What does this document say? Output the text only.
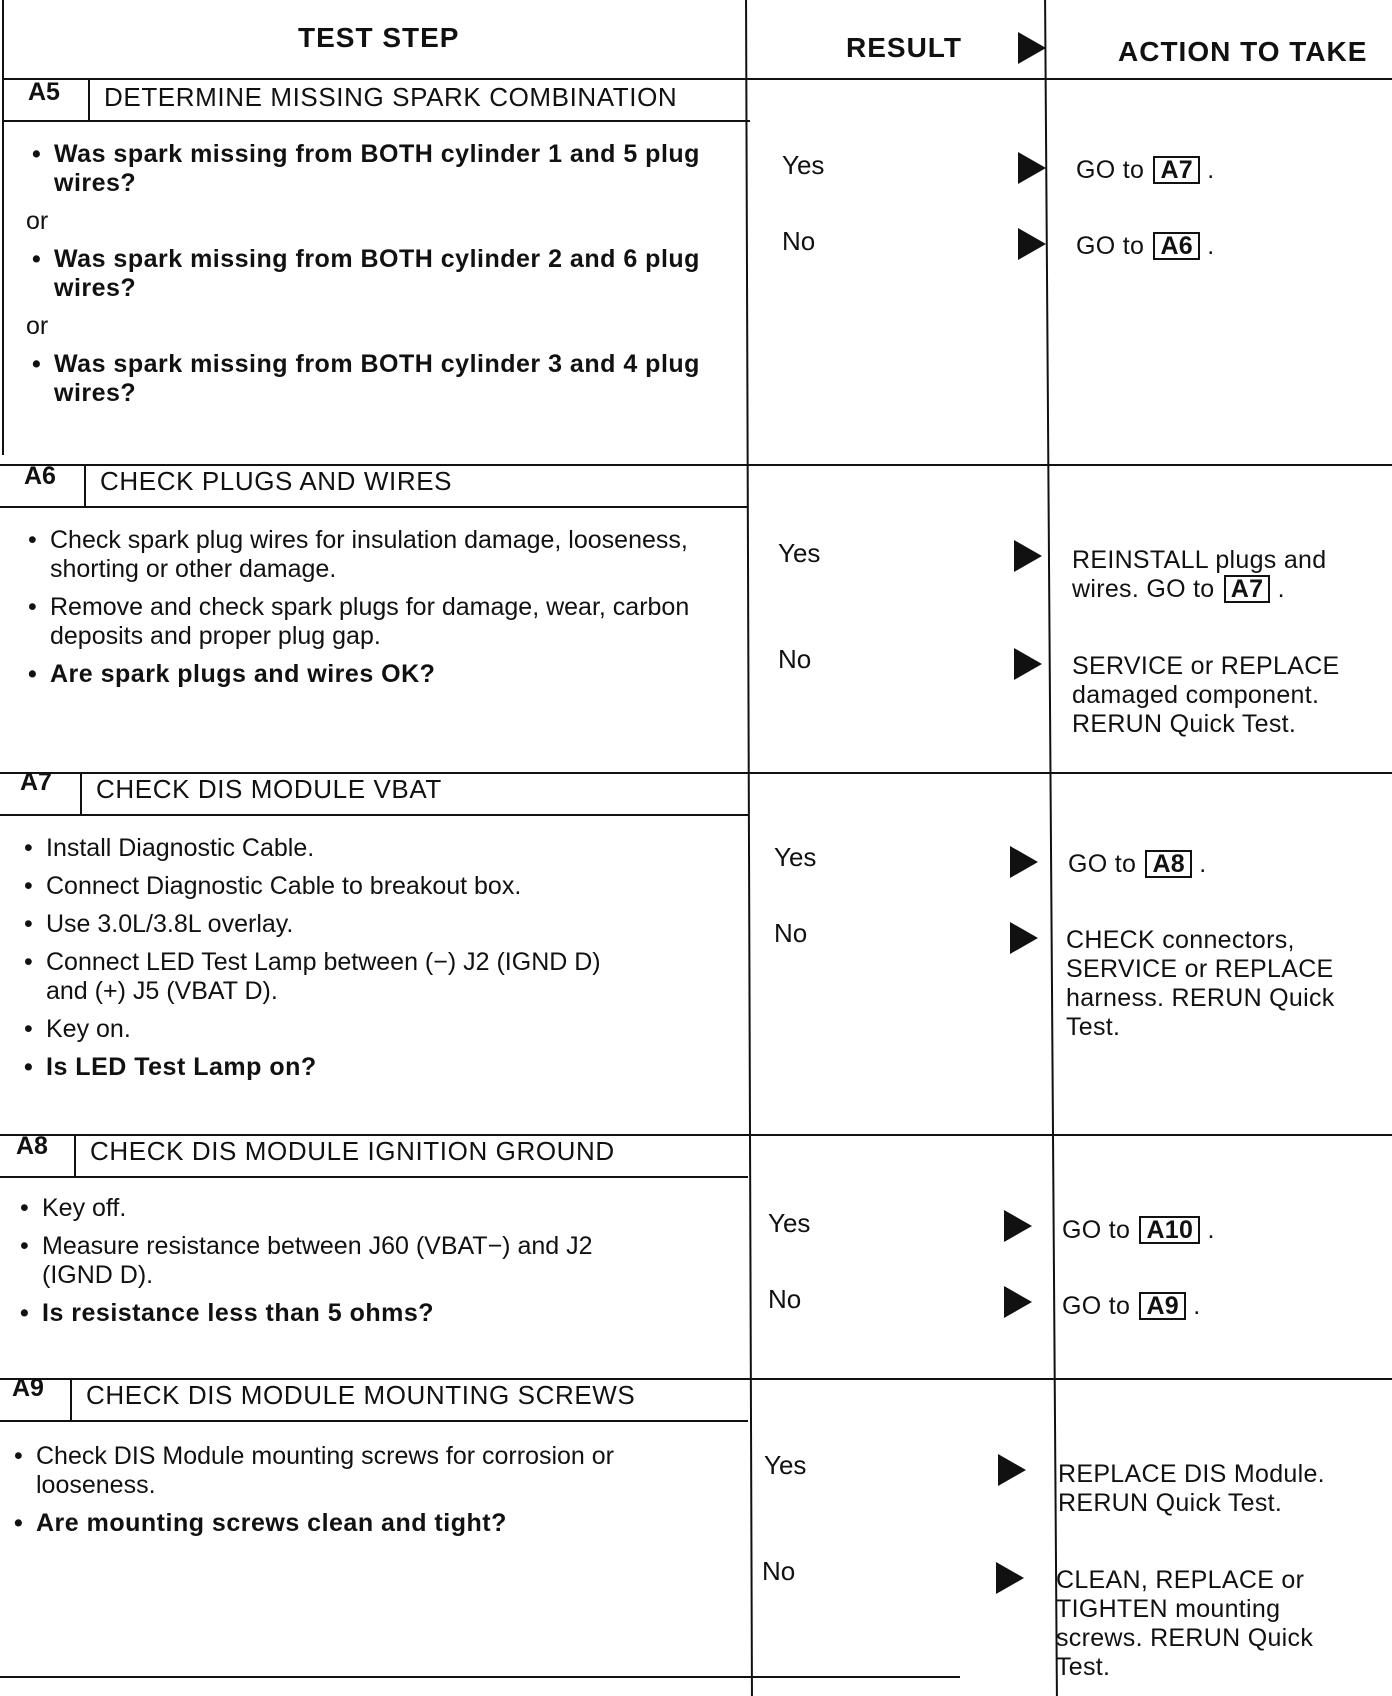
TEST STEP	RESULT	ACTION TO TAKE
A5 DETERMINE MISSING SPARK COMBINATION
• Was spark missing from BOTH cylinder 1 and 5 plug wires?
or
• Was spark missing from BOTH cylinder 2 and 6 plug wires?
or
• Was spark missing from BOTH cylinder 3 and 4 plug wires?
Yes	GO to A7 .
No	GO to A6 .
A6 CHECK PLUGS AND WIRES
• Check spark plug wires for insulation damage, looseness, shorting or other damage.
• Remove and check spark plugs for damage, wear, carbon deposits and proper plug gap.
• Are spark plugs and wires OK?
Yes	REINSTALL plugs and wires. GO to A7 .
No	SERVICE or REPLACE damaged component. RERUN Quick Test.
A7 CHECK DIS MODULE VBAT
• Install Diagnostic Cable.
• Connect Diagnostic Cable to breakout box.
• Use 3.0L/3.8L overlay.
• Connect LED Test Lamp between (−) J2 (IGND D) and (+) J5 (VBAT D).
• Key on.
• Is LED Test Lamp on?
Yes	GO to A8 .
No	CHECK connectors, SERVICE or REPLACE harness. RERUN Quick Test.
A8 CHECK DIS MODULE IGNITION GROUND
• Key off.
• Measure resistance between J60 (VBAT−) and J2 (IGND D).
• Is resistance less than 5 ohms?
Yes	GO to A10 .
No	GO to A9 .
A9 CHECK DIS MODULE MOUNTING SCREWS
• Check DIS Module mounting screws for corrosion or looseness.
• Are mounting screws clean and tight?
Yes	REPLACE DIS Module. RERUN Quick Test.
No	CLEAN, REPLACE or TIGHTEN mounting screws. RERUN Quick Test.
